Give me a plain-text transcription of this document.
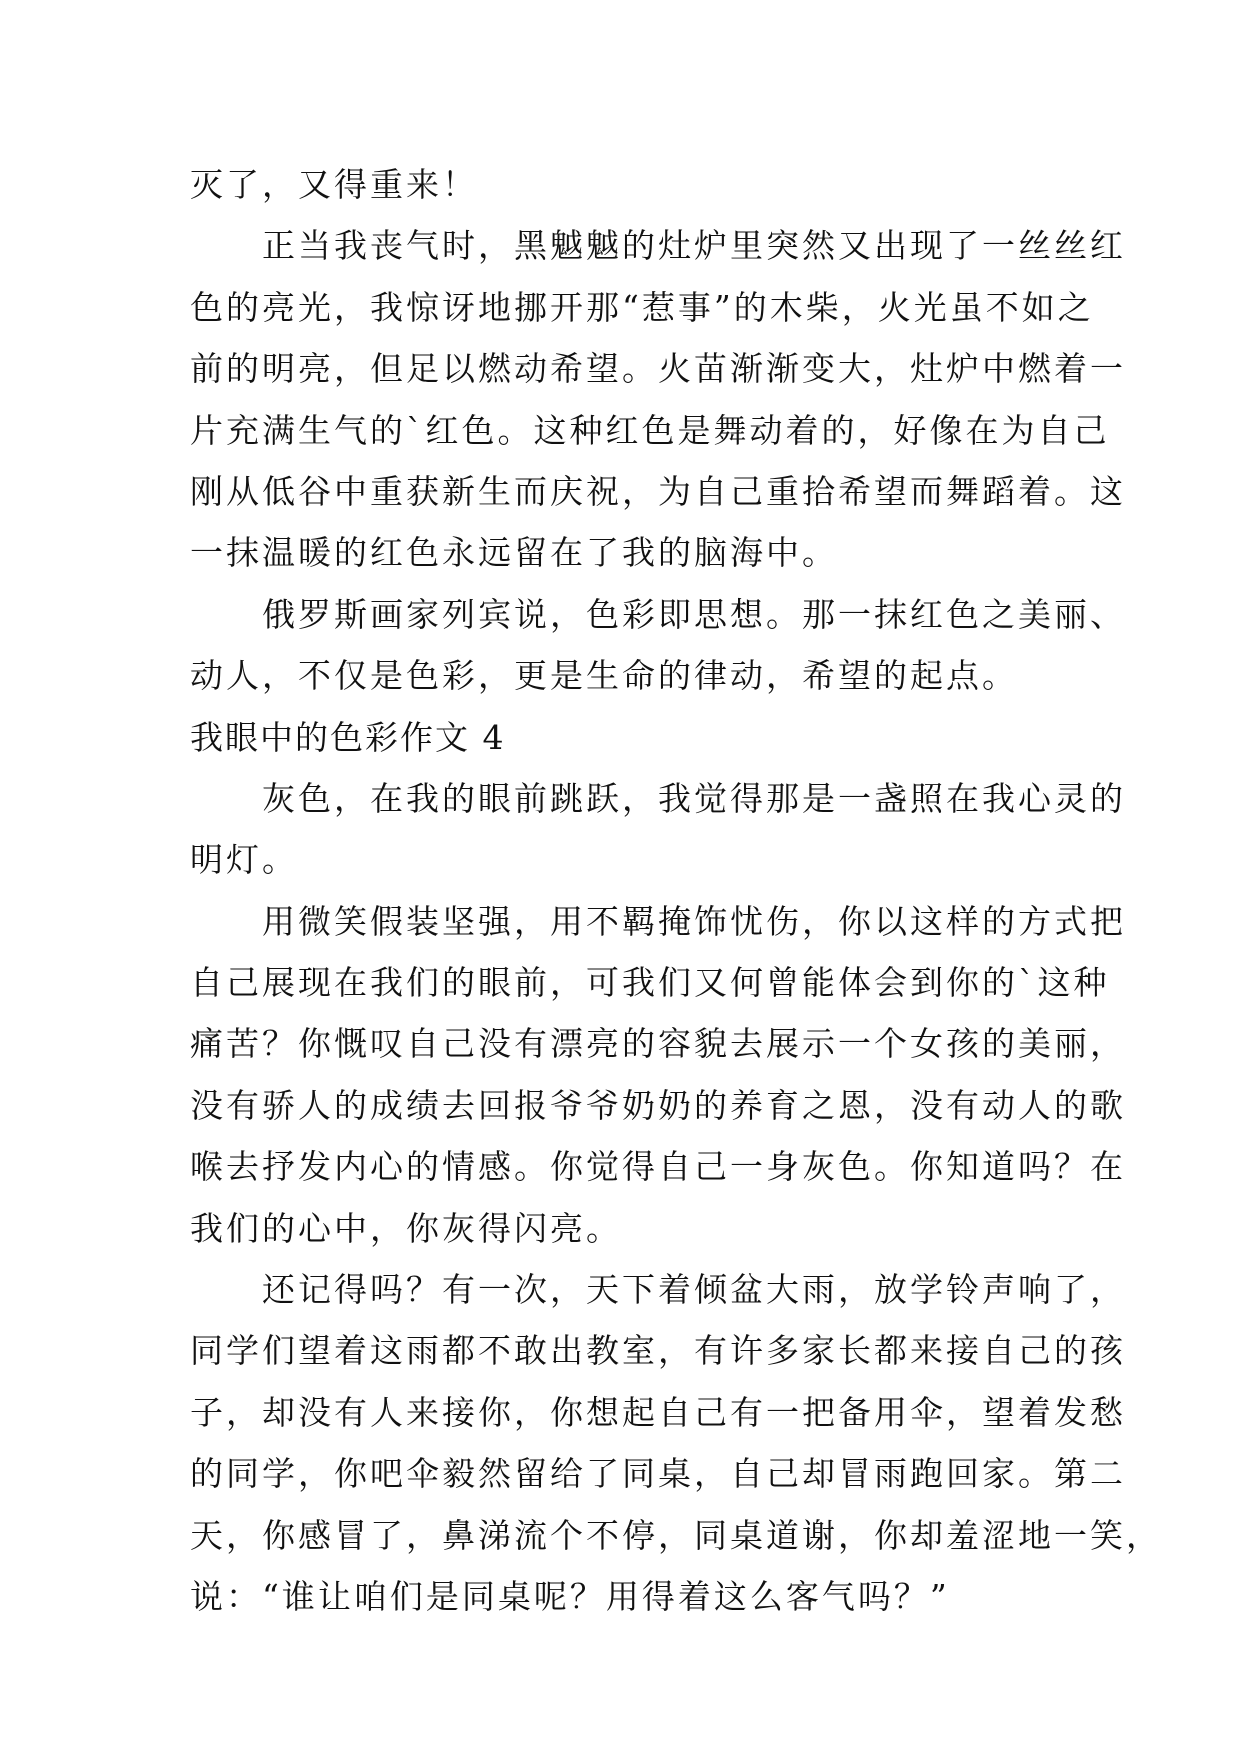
灭了，又得重来！
正当我丧气时，黑魆魆的灶炉里突然又出现了一丝丝红
色的亮光，我惊讶地挪开那“惹事”的木柴，火光虽不如之
前的明亮，但足以燃动希望。火苗渐渐变大，灶炉中燃着一
片充满生气的`红色。这种红色是舞动着的，好像在为自己
刚从低谷中重获新生而庆祝，为自己重拾希望而舞蹈着。这
一抹温暖的红色永远留在了我的脑海中。
俄罗斯画家列宾说，色彩即思想。那一抹红色之美丽、
动人，不仅是色彩，更是生命的律动，希望的起点。
我眼中的色彩作文 4
灰色，在我的眼前跳跃，我觉得那是一盏照在我心灵的
明灯。
用微笑假装坚强，用不羁掩饰忧伤，你以这样的方式把
自己展现在我们的眼前，可我们又何曾能体会到你的`这种
痛苦？你慨叹自己没有漂亮的容貌去展示一个女孩的美丽，
没有骄人的成绩去回报爷爷奶奶的养育之恩，没有动人的歌
喉去抒发内心的情感。你觉得自己一身灰色。你知道吗？在
我们的心中，你灰得闪亮。
还记得吗？有一次，天下着倾盆大雨，放学铃声响了，
同学们望着这雨都不敢出教室，有许多家长都来接自己的孩
子，却没有人来接你，你想起自己有一把备用伞，望着发愁
的同学，你吧伞毅然留给了同桌，自己却冒雨跑回家。第二
天，你感冒了，鼻涕流个不停，同桌道谢，你却羞涩地一笑，
说：“谁让咱们是同桌呢？用得着这么客气吗？”
